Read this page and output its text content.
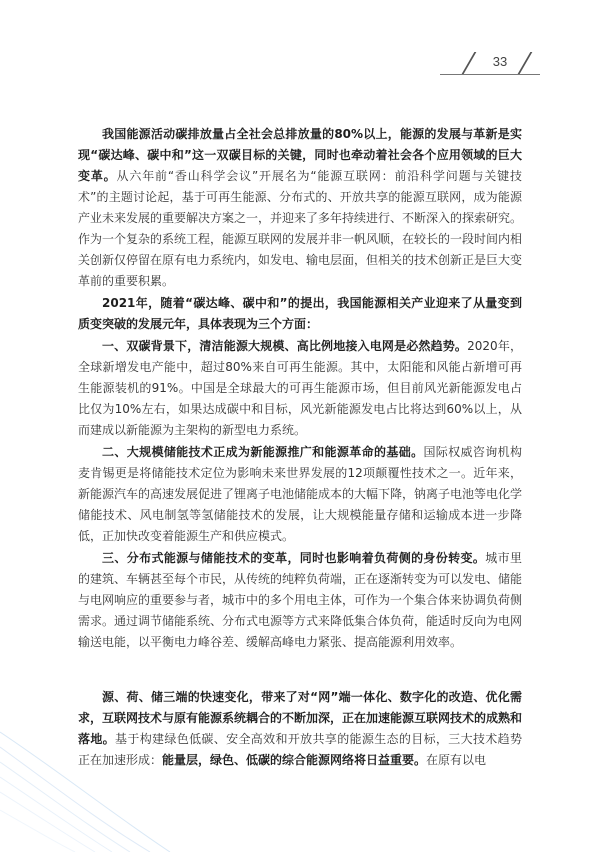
33

我国能源活动碳排放量占全社会总排放量的80%以上，能源的发展与革新是实现“碳达峰、碳中和”这一双碳目标的关键，同时也牵动着社会各个应用领域的巨大变革。从六年前“香山科学会议”开展名为“能源互联网：前沿科学问题与关键技术”的主题讨论起，基于可再生能源、分布式的、开放共享的能源互联网，成为能源产业未来发展的重要解决方案之一，并迎来了多年持续进行、不断深入的探索研究。作为一个复杂的系统工程，能源互联网的发展并非一帆风顺，在较长的一段时间内相关创新仅停留在原有电力系统内，如发电、输电层面，但相关的技术创新正是巨大变革前的重要积累。

2021年，随着“碳达峰、碳中和”的提出，我国能源相关产业迎来了从量变到质变突破的发展元年，具体表现为三个方面：

一、双碳背景下，清洁能源大规模、高比例地接入电网是必然趋势。2020年，全球新增发电产能中，超过80%来自可再生能源。其中，太阳能和风能占新增可再生能源装机的91%。中国是全球最大的可再生能源市场，但目前风光新能源发电占比仅为10%左右，如果达成碳中和目标，风光新能源发电占比将达到60%以上，从而建成以新能源为主架构的新型电力系统。

二、大规模储能技术正成为新能源推广和能源革命的基础。国际权威咨询机构麦肯锡更是将储能技术定位为影响未来世界发展的12项颠覆性技术之一。近年来，新能源汽车的高速发展促进了锂离子电池储能成本的大幅下降，钠离子电池等电化学储能技术、风电制氢等氢储能技术的发展，让大规模能量存储和运输成本进一步降低，正加快改变着能源生产和供应模式。

三、分布式能源与储能技术的变革，同时也影响着负荷侧的身份转变。城市里的建筑、车辆甚至每个市民，从传统的纯粹负荷端，正在逐渐转变为可以发电、储能与电网响应的重要参与者，城市中的多个用电主体，可作为一个集合体来协调负荷侧需求。通过调节储能系统、分布式电源等方式来降低集合体负荷，能适时反向为电网输送电能，以平衡电力峰谷差、缓解高峰电力紧张、提高能源利用效率。

源、荷、储三端的快速变化，带来了对“网”端一体化、数字化的改造、优化需求，互联网技术与原有能源系统耦合的不断加深，正在加速能源互联网技术的成熟和落地。基于构建绿色低碳、安全高效和开放共享的能源生态的目标，三大技术趋势正在加速形成：能量层，绿色、低碳的综合能源网络将日益重要。在原有以电
